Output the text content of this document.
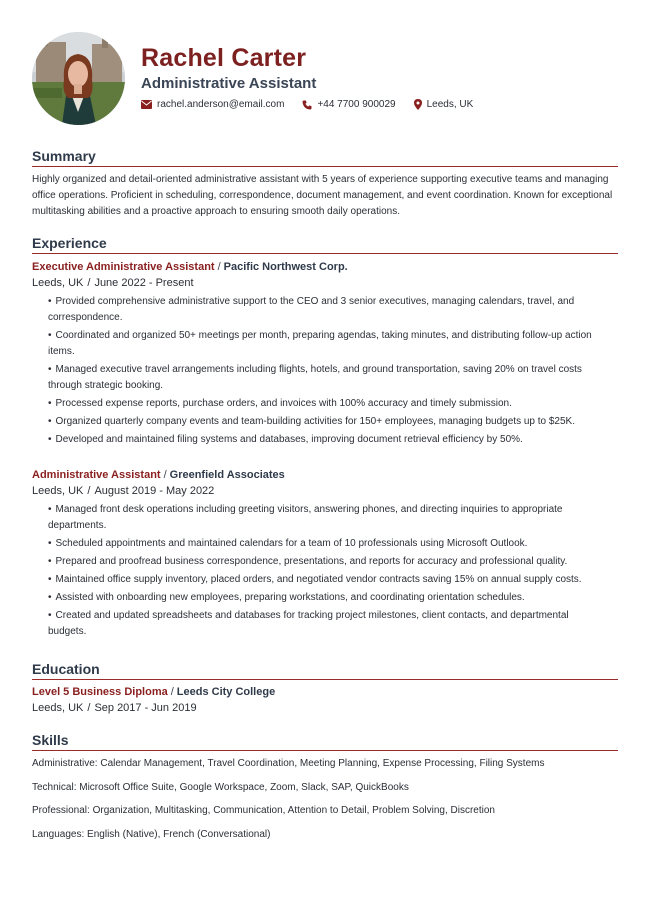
Rachel Carter
Administrative Assistant
rachel.anderson@email.com	+44 7700 900029	Leeds, UK
Summary
Highly organized and detail-oriented administrative assistant with 5 years of experience supporting executive teams and managing office operations. Proficient in scheduling, correspondence, document management, and event coordination. Known for exceptional multitasking abilities and a proactive approach to ensuring smooth daily operations.
Experience
Executive Administrative Assistant / Pacific Northwest Corp.
Leeds, UK / June 2022 - Present
• Provided comprehensive administrative support to the CEO and 3 senior executives, managing calendars, travel, and correspondence.
• Coordinated and organized 50+ meetings per month, preparing agendas, taking minutes, and distributing follow-up action items.
• Managed executive travel arrangements including flights, hotels, and ground transportation, saving 20% on travel costs through strategic booking.
• Processed expense reports, purchase orders, and invoices with 100% accuracy and timely submission.
• Organized quarterly company events and team-building activities for 150+ employees, managing budgets up to $25K.
• Developed and maintained filing systems and databases, improving document retrieval efficiency by 50%.
Administrative Assistant / Greenfield Associates
Leeds, UK / August 2019 - May 2022
• Managed front desk operations including greeting visitors, answering phones, and directing inquiries to appropriate departments.
• Scheduled appointments and maintained calendars for a team of 10 professionals using Microsoft Outlook.
• Prepared and proofread business correspondence, presentations, and reports for accuracy and professional quality.
• Maintained office supply inventory, placed orders, and negotiated vendor contracts saving 15% on annual supply costs.
• Assisted with onboarding new employees, preparing workstations, and coordinating orientation schedules.
• Created and updated spreadsheets and databases for tracking project milestones, client contacts, and departmental budgets.
Education
Level 5 Business Diploma / Leeds City College
Leeds, UK / Sep 2017 - Jun 2019
Skills
Administrative: Calendar Management, Travel Coordination, Meeting Planning, Expense Processing, Filing Systems
Technical: Microsoft Office Suite, Google Workspace, Zoom, Slack, SAP, QuickBooks
Professional: Organization, Multitasking, Communication, Attention to Detail, Problem Solving, Discretion
Languages: English (Native), French (Conversational)
